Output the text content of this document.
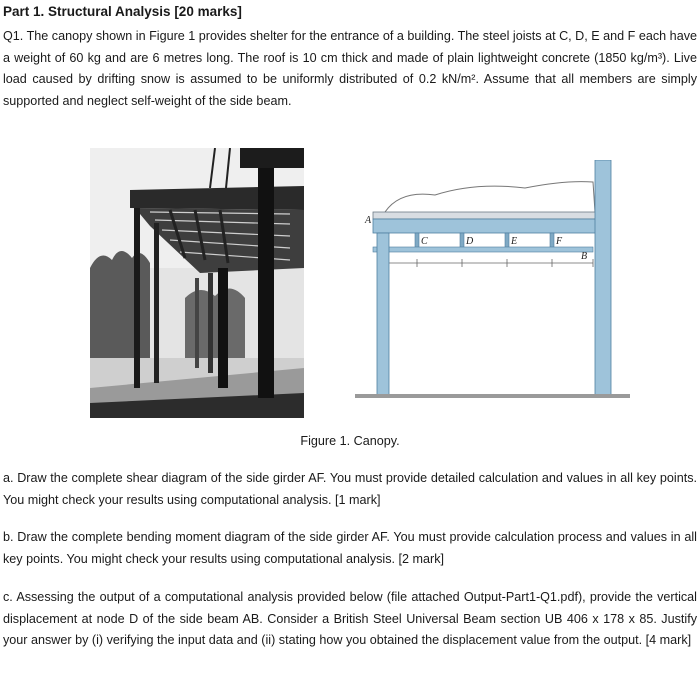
Part 1. Structural Analysis [20 marks]
Q1. The canopy shown in Figure 1 provides shelter for the entrance of a building. The steel joists at C, D, E and F each have a weight of 60 kg and are 6 metres long. The roof is 10 cm thick and made of plain lightweight concrete (1850 kg/m³). Live load caused by drifting snow is assumed to be uniformly distributed of 0.2 kN/m². Assume that all members are simply supported and neglect self-weight of the side beam.
A
C	D	E	F
B
Figure 1. Canopy.
a. Draw the complete shear diagram of the side girder AF. You must provide detailed calculation and values in all key points. You might check your results using computational analysis. [1 mark]
b. Draw the complete bending moment diagram of the side girder AF. You must provide calculation process and values in all key points. You might check your results using computational analysis. [2 mark]
c. Assessing the output of a computational analysis provided below (file attached Output-Part1-Q1.pdf), provide the vertical displacement at node D of the side beam AB. Consider a British Steel Universal Beam section UB 406 x 178 x 85. Justify your answer by (i) verifying the input data and (ii) stating how you obtained the displacement value from the output. [4 mark]
